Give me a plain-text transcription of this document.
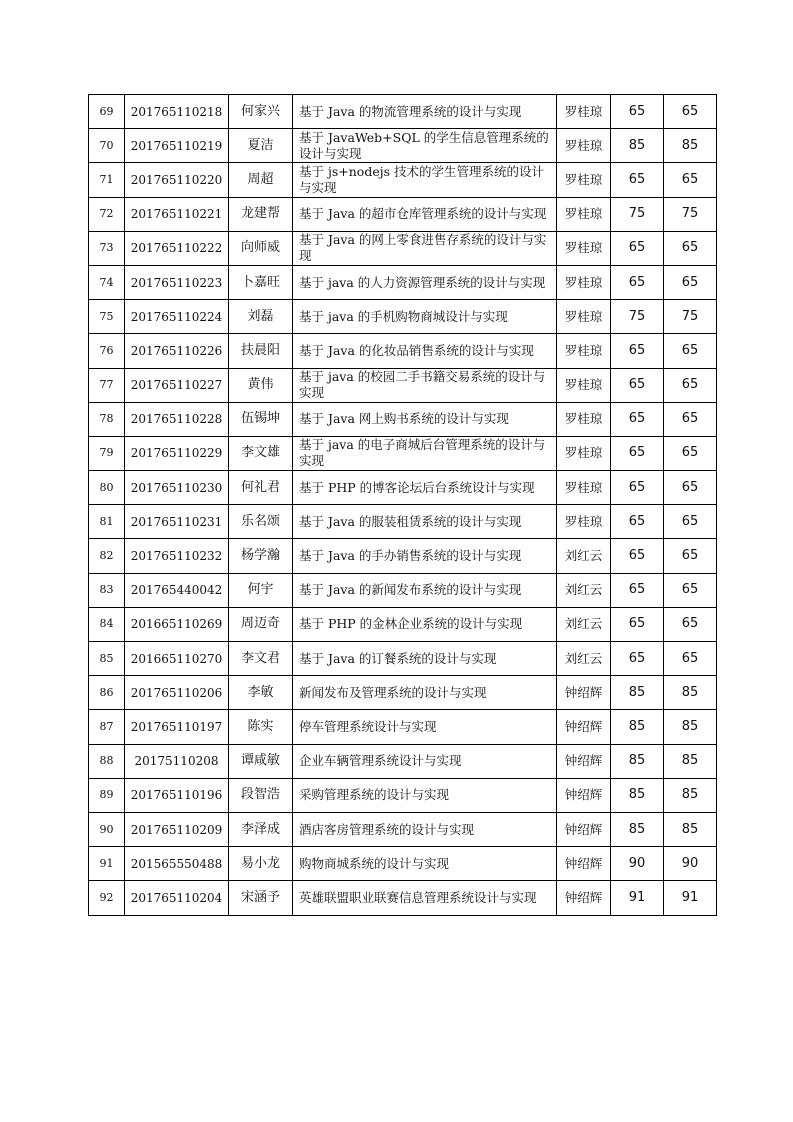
69	201765110218	何家兴	基于 Java 的物流管理系统的设计与实现	罗桂琼	65	65
70	201765110219	夏洁	基于 JavaWeb+SQL 的学生信息管理系统的设计与实现	罗桂琼	85	85
71	201765110220	周超	基于 js+nodejs 技术的学生管理系统的设计与实现	罗桂琼	65	65
72	201765110221	龙建帮	基于 Java 的超市仓库管理系统的设计与实现	罗桂琼	75	75
73	201765110222	向师威	基于 Java 的网上零食进售存系统的设计与实现	罗桂琼	65	65
74	201765110223	卜嘉旺	基于 java 的人力资源管理系统的设计与实现	罗桂琼	65	65
75	201765110224	刘磊	基于 java 的手机购物商城设计与实现	罗桂琼	75	75
76	201765110226	扶晨阳	基于 Java 的化妆品销售系统的设计与实现	罗桂琼	65	65
77	201765110227	黄伟	基于 java 的校园二手书籍交易系统的设计与实现	罗桂琼	65	65
78	201765110228	伍锡坤	基于 Java 网上购书系统的设计与实现	罗桂琼	65	65
79	201765110229	李文雄	基于 java 的电子商城后台管理系统的设计与实现	罗桂琼	65	65
80	201765110230	何礼君	基于 PHP 的博客论坛后台系统设计与实现	罗桂琼	65	65
81	201765110231	乐名颂	基于 Java 的服装租赁系统的设计与实现	罗桂琼	65	65
82	201765110232	杨学瀚	基于 Java 的手办销售系统的设计与实现	刘红云	65	65
83	201765440042	何宇	基于 Java 的新闻发布系统的设计与实现	刘红云	65	65
84	201665110269	周迈奇	基于 PHP 的金林企业系统的设计与实现	刘红云	65	65
85	201665110270	李文君	基于 Java 的订餐系统的设计与实现	刘红云	65	65
86	201765110206	李敏	新闻发布及管理系统的设计与实现	钟绍辉	85	85
87	201765110197	陈实	停车管理系统设计与实现	钟绍辉	85	85
88	20175110208	谭咸敏	企业车辆管理系统设计与实现	钟绍辉	85	85
89	201765110196	段智浩	采购管理系统的设计与实现	钟绍辉	85	85
90	201765110209	李泽成	酒店客房管理系统的设计与实现	钟绍辉	85	85
91	201565550488	易小龙	购物商城系统的设计与实现	钟绍辉	90	90
92	201765110204	宋涵予	英雄联盟职业联赛信息管理系统设计与实现	钟绍辉	91	91
